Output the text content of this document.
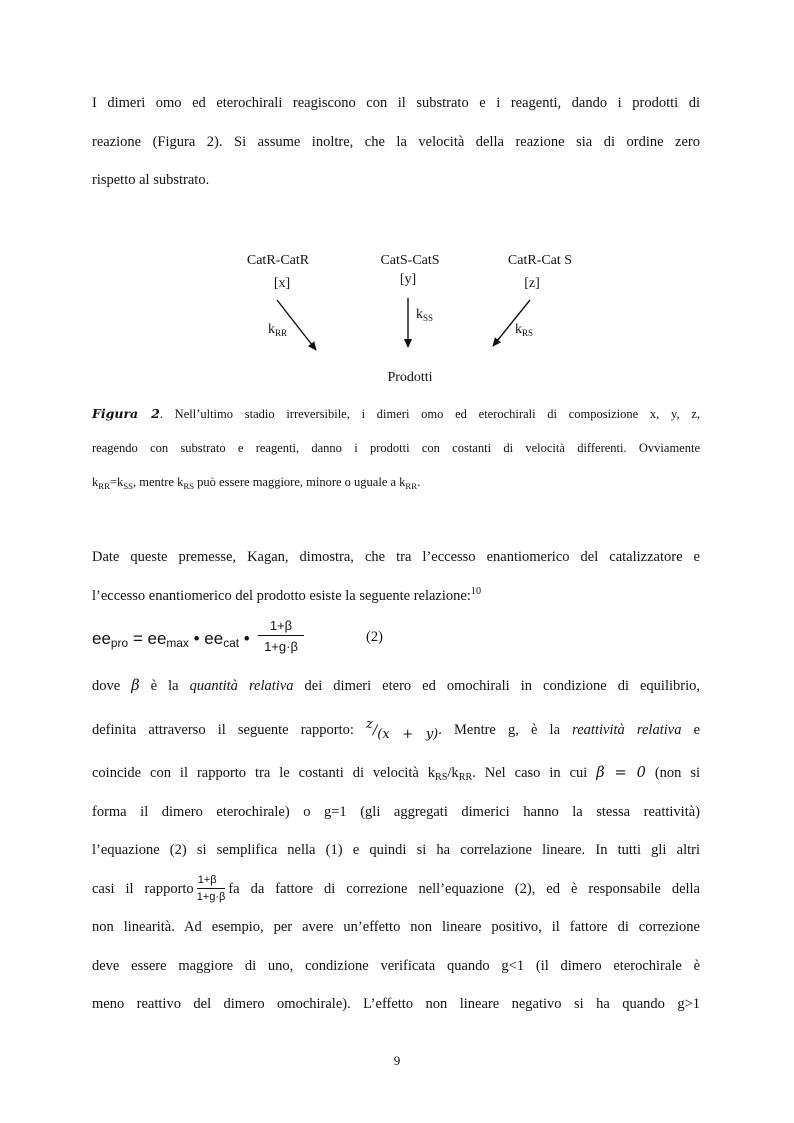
I dimeri omo ed eterochirali reagiscono con il substrato e i reagenti, dando i prodotti di
reazione (Figura 2). Si assume inoltre, che la velocità della reazione sia di ordine zero
rispetto al substrato.
CatR-CatR
[x]
CatS-CatS
[y]
CatR-Cat S
[z]
$k_{RR}$
$k_{SS}$
$k_{RS}$
Prodotti
Figura 2. Nell’ultimo stadio irreversibile, i dimeri omo ed eterochirali di composizione x, y, z,
reagendo con substrato e reagenti, danno i prodotti con costanti di velocità differenti. Ovviamente
$k_{RR}=k_{SS}$, mentre $k_{RS}$ può essere maggiore, minore o uguale a $k_{RR}$.
Date queste premesse, Kagan, dimostra, che tra l’eccesso enantiomerico del catalizzatore e
l’eccesso enantiomerico del prodotto esiste la seguente relazione:$^{10}$
$ee_{pro} = ee_{max}$ • $ee_{cat}$ • $\frac{1+\beta}{1+g\cdot\beta}$	(2)
dove β è la quantità relativa dei dimeri etero ed omochirali in condizione di equilibrio,
definita attraverso il seguente rapporto: z/(x + y). Mentre g, è la reattività relativa e
coincide con il rapporto tra le costanti di velocità $k_{RS}/k_{RR}$. Nel caso in cui β = 0 (non si
forma il dimero eterochirale) o g=1 (gli aggregati dimerici hanno la stessa reattività)
l’equazione (2) si semplifica nella (1) e quindi si ha correlazione lineare. In tutti gli altri
casi il rapporto $\frac{1+\beta}{1+g\cdot\beta}$ fa da fattore di correzione nell’equazione (2), ed è responsabile della
non linearità. Ad esempio, per avere un’effetto non lineare positivo, il fattore di correzione
deve essere maggiore di uno, condizione verificata quando g<1 (il dimero eterochirale è
meno reattivo del dimero omochirale). L’effetto non lineare negativo si ha quando g>1
9
